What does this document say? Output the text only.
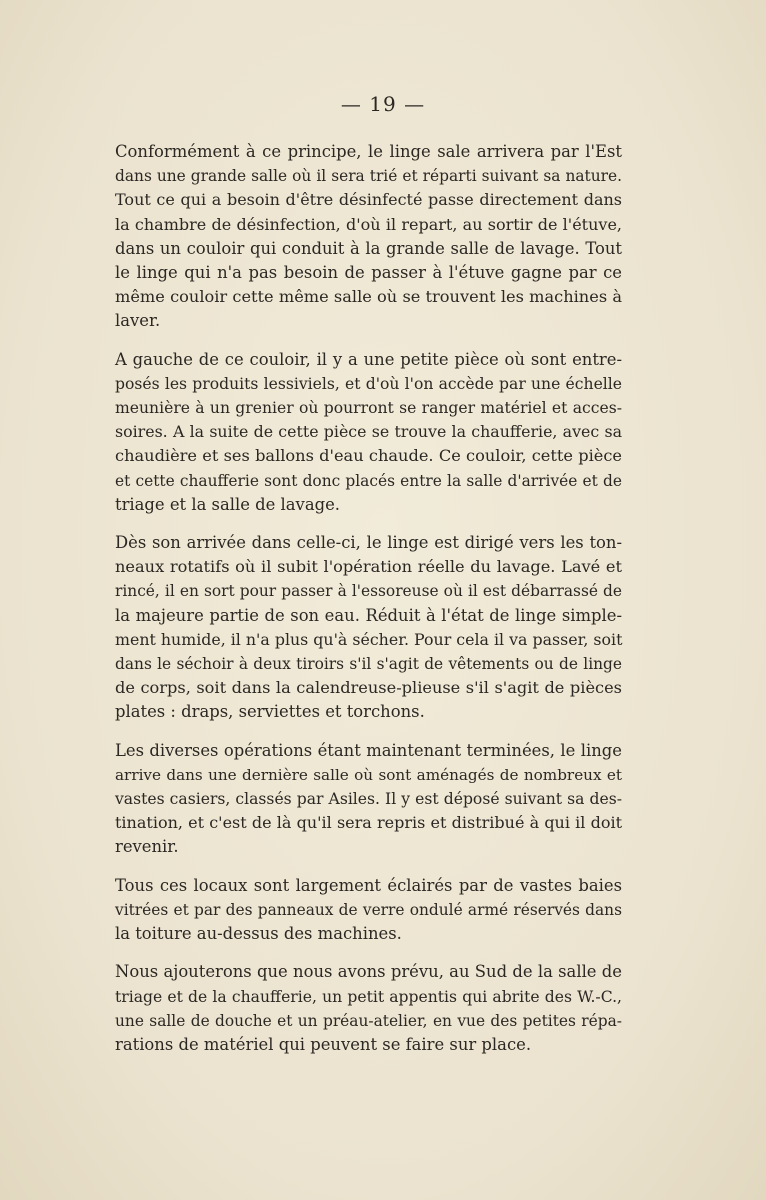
— 19 —

Conformément à ce principe, le linge sale arrivera par l'Est
dans une grande salle où il sera trié et réparti suivant sa nature.
Tout ce qui a besoin d'être désinfecté passe directement dans
la chambre de désinfection, d'où il repart, au sortir de l'étuve,
dans un couloir qui conduit à la grande salle de lavage. Tout
le linge qui n'a pas besoin de passer à l'étuve gagne par ce
même couloir cette même salle où se trouvent les machines à
laver.

A gauche de ce couloir, il y a une petite pièce où sont entre-
posés les produits lessiviels, et d'où l'on accède par une échelle
meunière à un grenier où pourront se ranger matériel et acces-
soires. A la suite de cette pièce se trouve la chaufferie, avec sa
chaudière et ses ballons d'eau chaude. Ce couloir, cette pièce
et cette chaufferie sont donc placés entre la salle d'arrivée et de
triage et la salle de lavage.

Dès son arrivée dans celle-ci, le linge est dirigé vers les ton-
neaux rotatifs où il subit l'opération réelle du lavage. Lavé et
rincé, il en sort pour passer à l'essoreuse où il est débarrassé de
la majeure partie de son eau. Réduit à l'état de linge simple-
ment humide, il n'a plus qu'à sécher. Pour cela il va passer, soit
dans le séchoir à deux tiroirs s'il s'agit de vêtements ou de linge
de corps, soit dans la calendreuse-plieuse s'il s'agit de pièces
plates : draps, serviettes et torchons.

Les diverses opérations étant maintenant terminées, le linge
arrive dans une dernière salle où sont aménagés de nombreux et
vastes casiers, classés par Asiles. Il y est déposé suivant sa des-
tination, et c'est de là qu'il sera repris et distribué à qui il doit
revenir.

Tous ces locaux sont largement éclairés par de vastes baies
vitrées et par des panneaux de verre ondulé armé réservés dans
la toiture au-dessus des machines.

Nous ajouterons que nous avons prévu, au Sud de la salle de
triage et de la chaufferie, un petit appentis qui abrite des W.-C.,
une salle de douche et un préau-atelier, en vue des petites répa-
rations de matériel qui peuvent se faire sur place.
